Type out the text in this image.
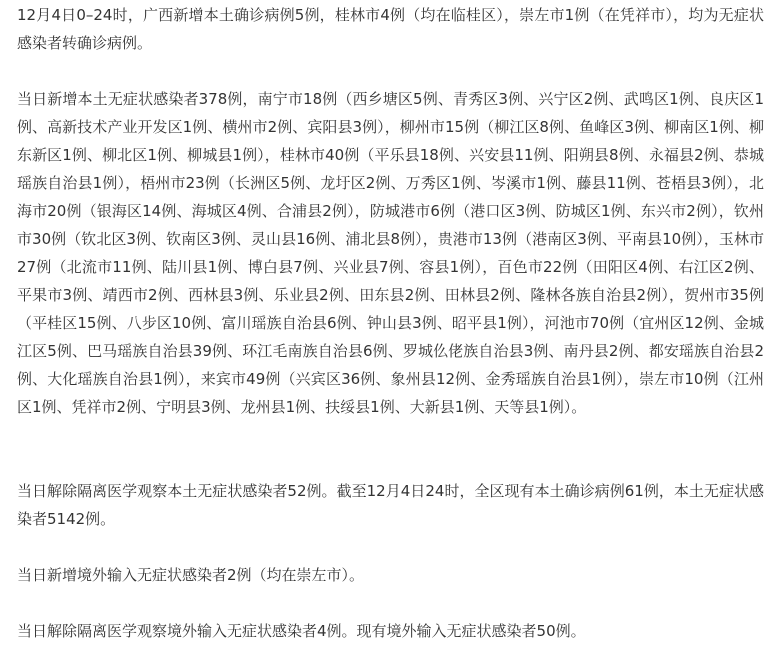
12月4日0–24时，广西新增本土确诊病例5例，桂林市4例（均在临桂区），崇左市1例（在凭祥市），均为无症状感染者转确诊病例。

当日新增本土无症状感染者378例，南宁市18例（西乡塘区5例、青秀区3例、兴宁区2例、武鸣区1例、良庆区1例、高新技术产业开发区1例、横州市2例、宾阳县3例），柳州市15例（柳江区8例、鱼峰区3例、柳南区1例、柳东新区1例、柳北区1例、柳城县1例），桂林市40例（平乐县18例、兴安县11例、阳朔县8例、永福县2例、恭城瑶族自治县1例），梧州市23例（长洲区5例、龙圩区2例、万秀区1例、岑溪市1例、藤县11例、苍梧县3例），北海市20例（银海区14例、海城区4例、合浦县2例），防城港市6例（港口区3例、防城区1例、东兴市2例），钦州市30例（钦北区3例、钦南区3例、灵山县16例、浦北县8例），贵港市13例（港南区3例、平南县10例），玉林市27例（北流市11例、陆川县1例、博白县7例、兴业县7例、容县1例），百色市22例（田阳区4例、右江区2例、平果市3例、靖西市2例、西林县3例、乐业县2例、田东县2例、田林县2例、隆林各族自治县2例），贺州市35例（平桂区15例、八步区10例、富川瑶族自治县6例、钟山县3例、昭平县1例），河池市70例（宜州区12例、金城江区5例、巴马瑶族自治县39例、环江毛南族自治县6例、罗城仫佬族自治县3例、南丹县2例、都安瑶族自治县2例、大化瑶族自治县1例），来宾市49例（兴宾区36例、象州县12例、金秀瑶族自治县1例），崇左市10例（江州区1例、凭祥市2例、宁明县3例、龙州县1例、扶绥县1例、大新县1例、天等县1例）。

当日解除隔离医学观察本土无症状感染者52例。截至12月4日24时，全区现有本土确诊病例61例，本土无症状感染者5142例。

当日新增境外输入无症状感染者2例（均在崇左市）。

当日解除隔离医学观察境外输入无症状感染者4例。现有境外输入无症状感染者50例。
